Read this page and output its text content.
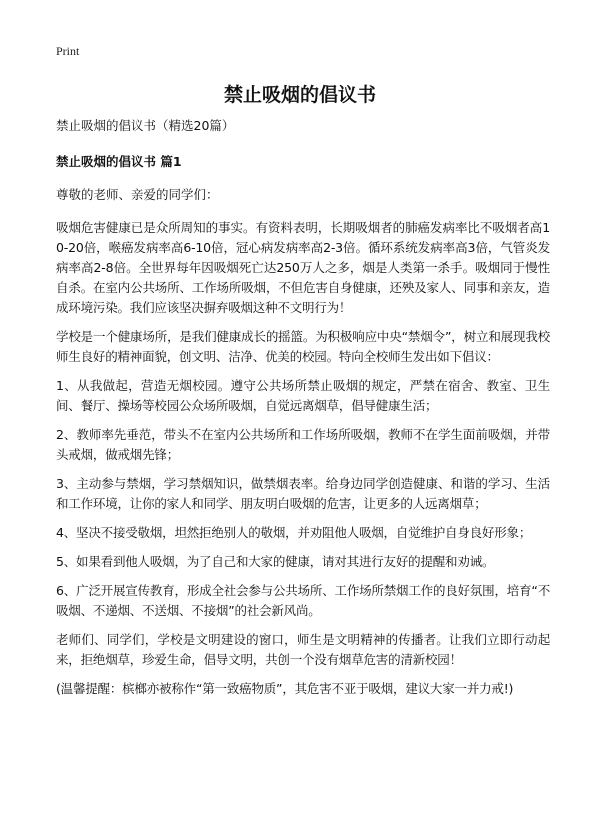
Print
禁止吸烟的倡议书
禁止吸烟的倡议书（精选20篇）
禁止吸烟的倡议书 篇1
尊敬的老师、亲爱的同学们：

吸烟危害健康已是众所周知的事实。有资料表明，长期吸烟者的肺癌发病率比不吸烟者高10-20倍，喉癌发病率高6-10倍，冠心病发病率高2-3倍。循环系统发病率高3倍，气管炎发病率高2-8倍。全世界每年因吸烟死亡达250万人之多，烟是人类第一杀手。吸烟同于慢性自杀。在室内公共场所、工作场所吸烟，不但危害自身健康，还殃及家人、同事和亲友，造成环境污染。我们应该坚决摒弃吸烟这种不文明行为！

学校是一个健康场所，是我们健康成长的摇篮。为积极响应中央“禁烟令”，树立和展现我校师生良好的精神面貌，创文明、洁净、优美的校园。特向全校师生发出如下倡议：

1、从我做起，营造无烟校园。遵守公共场所禁止吸烟的规定，严禁在宿舍、教室、卫生间、餐厅、操场等校园公众场所吸烟，自觉远离烟草，倡导健康生活；

2、教师率先垂范，带头不在室内公共场所和工作场所吸烟，教师不在学生面前吸烟，并带头戒烟，做戒烟先锋；

3、主动参与禁烟，学习禁烟知识，做禁烟表率。给身边同学创造健康、和谐的学习、生活和工作环境，让你的家人和同学、朋友明白吸烟的危害，让更多的人远离烟草；

4、坚决不接受敬烟，坦然拒绝别人的敬烟，并劝阻他人吸烟，自觉维护自身良好形象；

5、如果看到他人吸烟，为了自己和大家的健康，请对其进行友好的提醒和劝诫。

6、广泛开展宣传教育，形成全社会参与公共场所、工作场所禁烟工作的良好氛围，培育“不吸烟、不递烟、不送烟、不接烟”的社会新风尚。

老师们、同学们，学校是文明建设的窗口，师生是文明精神的传播者。让我们立即行动起来，拒绝烟草，珍爱生命，倡导文明，共创一个没有烟草危害的清新校园！

(温馨提醒：槟榔亦被称作“第一致癌物质”，其危害不亚于吸烟，建议大家一并力戒!)
